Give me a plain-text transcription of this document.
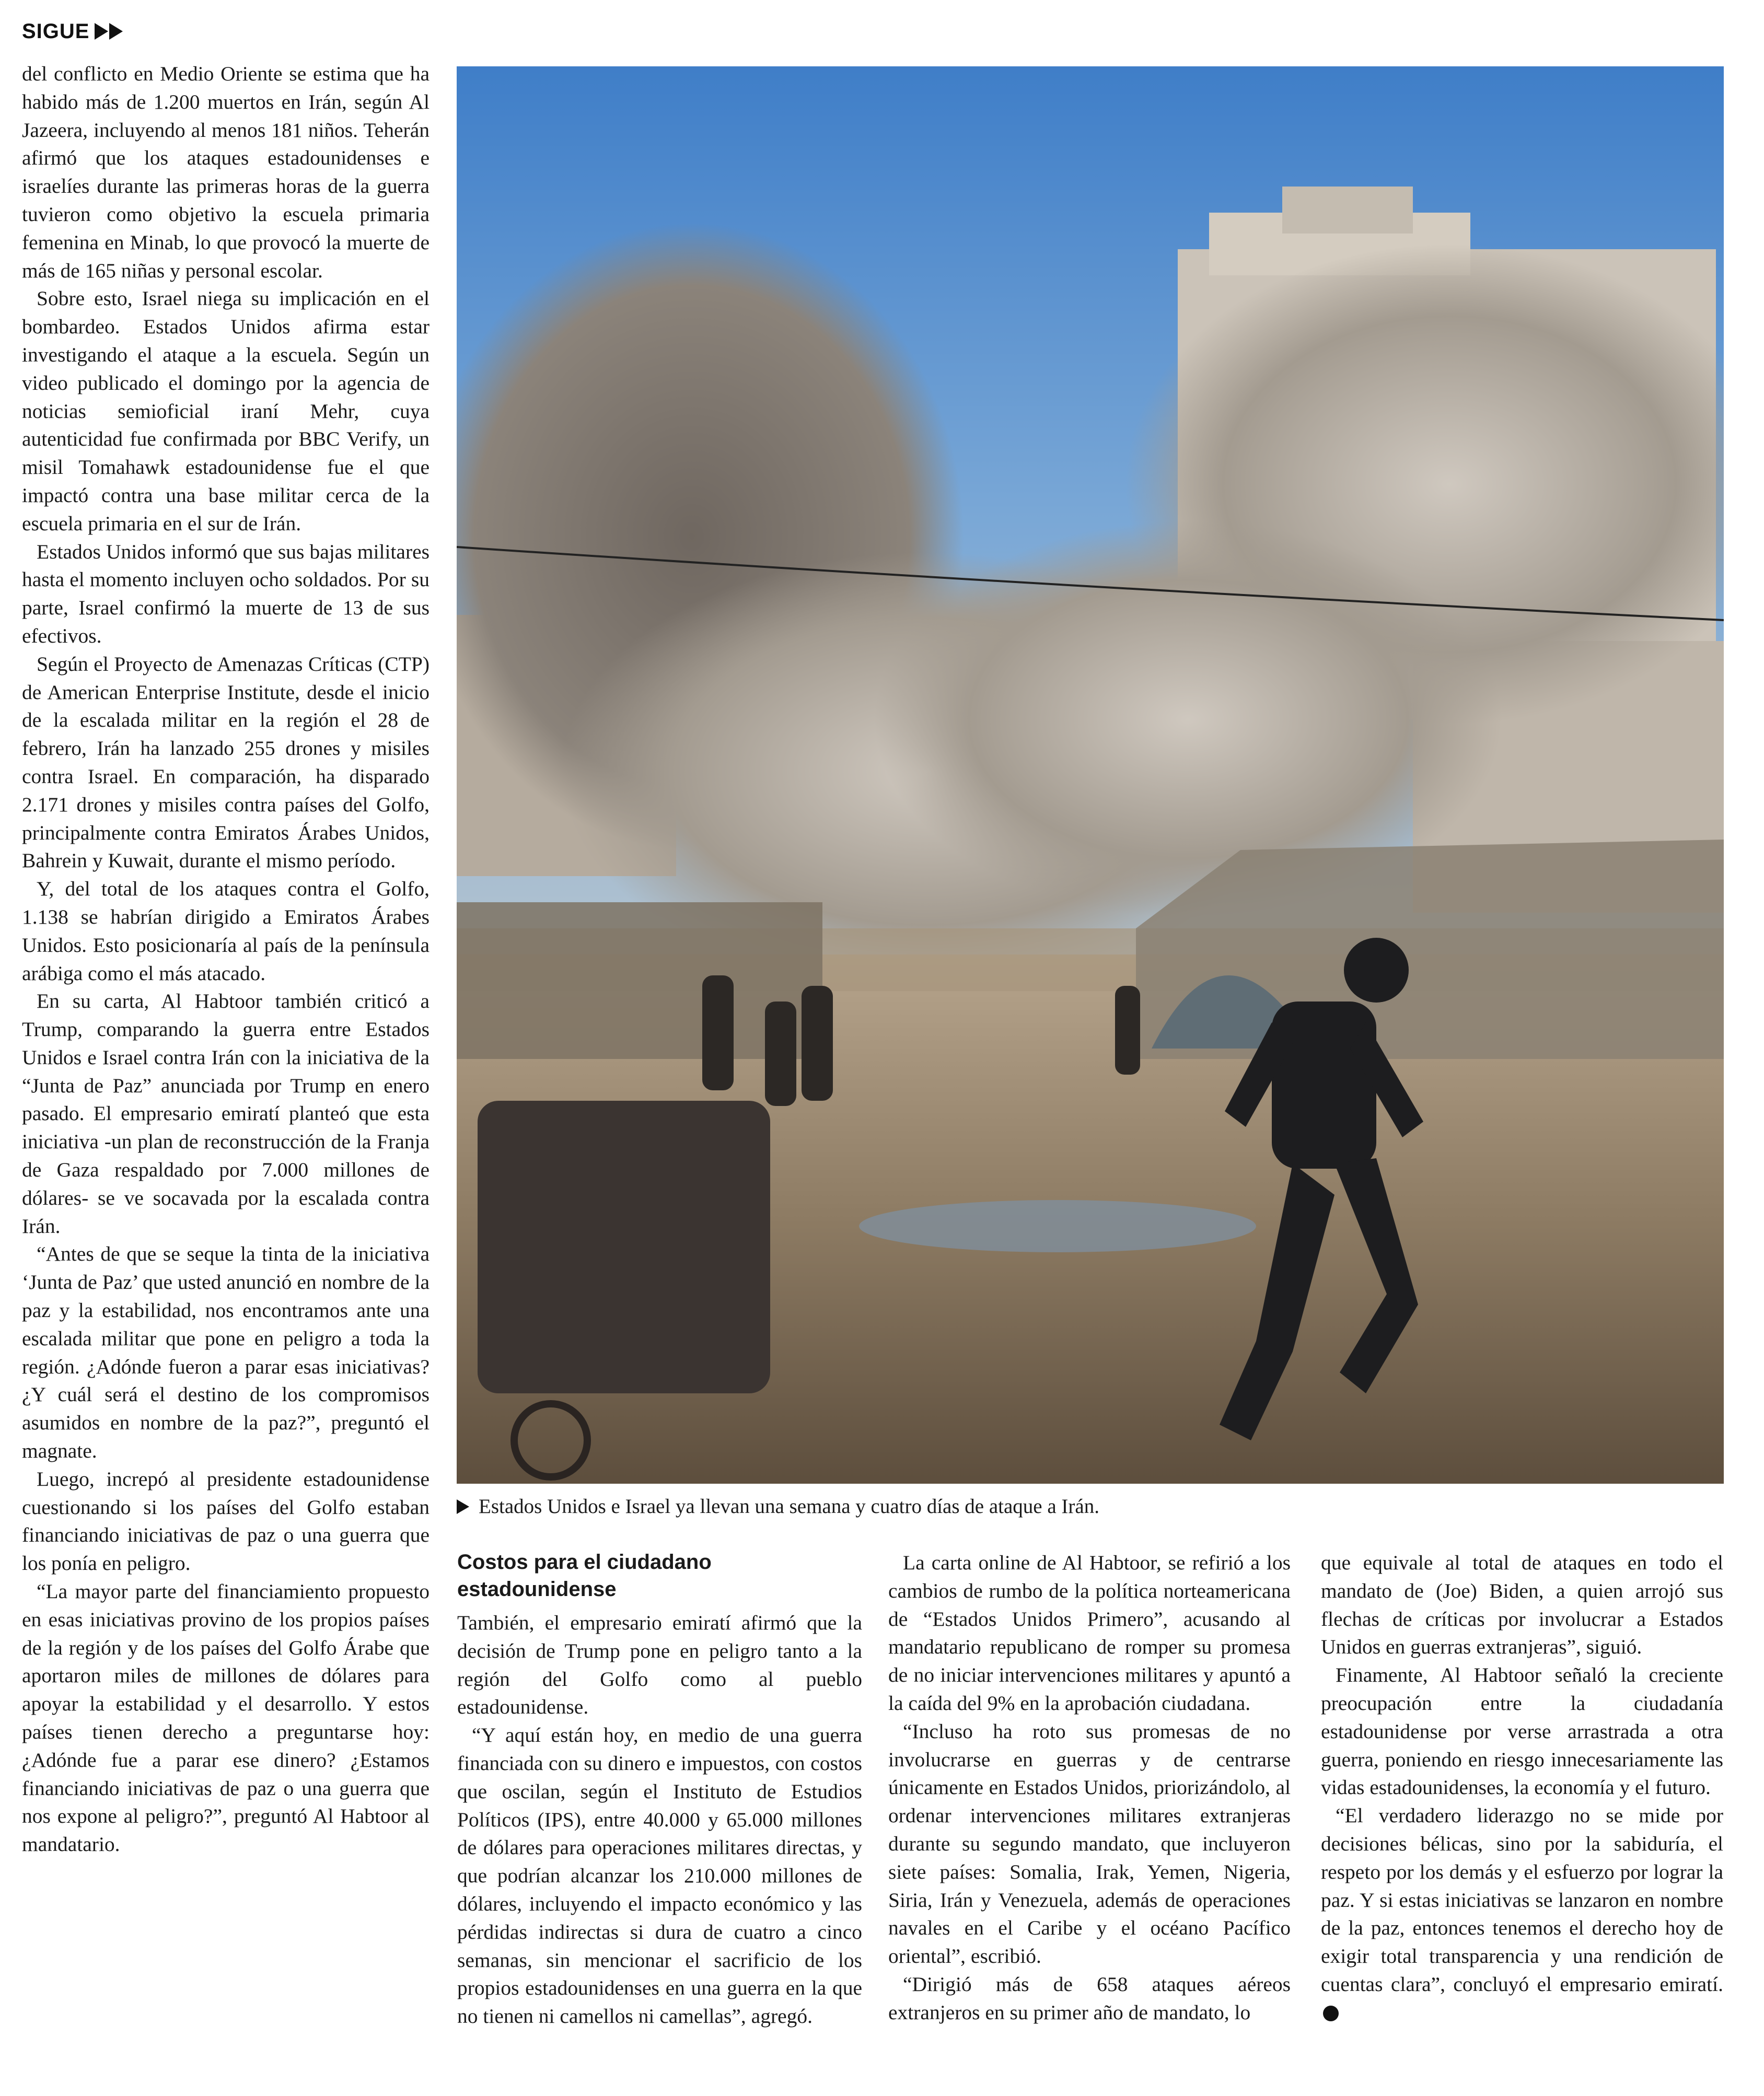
SIGUE

del conflicto en Medio Oriente se estima que ha habido más de 1.200 muertos en Irán, según Al Jazeera, incluyendo al menos 181 niños. Teherán afirmó que los ataques estadounidenses e israelíes durante las primeras horas de la guerra tuvieron como objetivo la escuela primaria femenina en Minab, lo que provocó la muerte de más de 165 niñas y personal escolar.

Sobre esto, Israel niega su implicación en el bombardeo. Estados Unidos afirma estar investigando el ataque a la escuela. Según un video publicado el domingo por la agencia de noticias semioficial iraní Mehr, cuya autenticidad fue confirmada por BBC Verify, un misil Tomahawk estadounidense fue el que impactó contra una base militar cerca de la escuela primaria en el sur de Irán.

Estados Unidos informó que sus bajas militares hasta el momento incluyen ocho soldados. Por su parte, Israel confirmó la muerte de 13 de sus efectivos.

Según el Proyecto de Amenazas Críticas (CTP) de American Enterprise Institute, desde el inicio de la escalada militar en la región el 28 de febrero, Irán ha lanzado 255 drones y misiles contra Israel. En comparación, ha disparado 2.171 drones y misiles contra países del Golfo, principalmente contra Emiratos Árabes Unidos, Bahrein y Kuwait, durante el mismo período.

Y, del total de los ataques contra el Golfo, 1.138 se habrían dirigido a Emiratos Árabes Unidos. Esto posicionaría al país de la península arábiga como el más atacado.

En su carta, Al Habtoor también criticó a Trump, comparando la guerra entre Estados Unidos e Israel contra Irán con la iniciativa de la “Junta de Paz” anunciada por Trump en enero pasado. El empresario emiratí planteó que esta iniciativa -un plan de reconstrucción de la Franja de Gaza respaldado por 7.000 millones de dólares- se ve socavada por la escalada contra Irán.

“Antes de que se seque la tinta de la iniciativa ‘Junta de Paz’ que usted anunció en nombre de la paz y la estabilidad, nos encontramos ante una escalada militar que pone en peligro a toda la región. ¿Adónde fueron a parar esas iniciativas? ¿Y cuál será el destino de los compromisos asumidos en nombre de la paz?”, preguntó el magnate.

Luego, increpó al presidente estadounidense cuestionando si los países del Golfo estaban financiando iniciativas de paz o una guerra que los ponía en peligro.

“La mayor parte del financiamiento propuesto en esas iniciativas provino de los propios países de la región y de los países del Golfo Árabe que aportaron miles de millones de dólares para apoyar la estabilidad y el desarrollo. Y estos países tienen derecho a preguntarse hoy: ¿Adónde fue a parar ese dinero? ¿Estamos financiando iniciativas de paz o una guerra que nos expone al peligro?”, preguntó Al Habtoor al mandatario.

Estados Unidos e Israel ya llevan una semana y cuatro días de ataque a Irán.

Costos para el ciudadano estadounidense

También, el empresario emiratí afirmó que la decisión de Trump pone en peligro tanto a la región del Golfo como al pueblo estadounidense.

“Y aquí están hoy, en medio de una guerra financiada con su dinero e impuestos, con costos que oscilan, según el Instituto de Estudios Políticos (IPS), entre 40.000 y 65.000 millones de dólares para operaciones militares directas, y que podrían alcanzar los 210.000 millones de dólares, incluyendo el impacto económico y las pérdidas indirectas si dura de cuatro a cinco semanas, sin mencionar el sacrificio de los propios estadounidenses en una guerra en la que no tienen ni camellos ni camellas”, agregó.

La carta online de Al Habtoor, se refirió a los cambios de rumbo de la política norteamericana de “Estados Unidos Primero”, acusando al mandatario republicano de romper su promesa de no iniciar intervenciones militares y apuntó a la caída del 9% en la aprobación ciudadana.

“Incluso ha roto sus promesas de no involucrarse en guerras y de centrarse únicamente en Estados Unidos, priorizándolo, al ordenar intervenciones militares extranjeras durante su segundo mandato, que incluyeron siete países: Somalia, Irak, Yemen, Nigeria, Siria, Irán y Venezuela, además de operaciones navales en el Caribe y el océano Pacífico oriental”, escribió.

“Dirigió más de 658 ataques aéreos extranjeros en su primer año de mandato, lo

que equivale al total de ataques en todo el mandato de (Joe) Biden, a quien arrojó sus flechas de críticas por involucrar a Estados Unidos en guerras extranjeras”, siguió.

Finamente, Al Habtoor señaló la creciente preocupación entre la ciudadanía estadounidense por verse arrastrada a otra guerra, poniendo en riesgo innecesariamente las vidas estadounidenses, la economía y el futuro.

“El verdadero liderazgo no se mide por decisiones bélicas, sino por la sabiduría, el respeto por los demás y el esfuerzo por lograr la paz. Y si estas iniciativas se lanzaron en nombre de la paz, entonces tenemos el derecho hoy de exigir total transparencia y una rendición de cuentas clara”, concluyó el empresario emiratí.
